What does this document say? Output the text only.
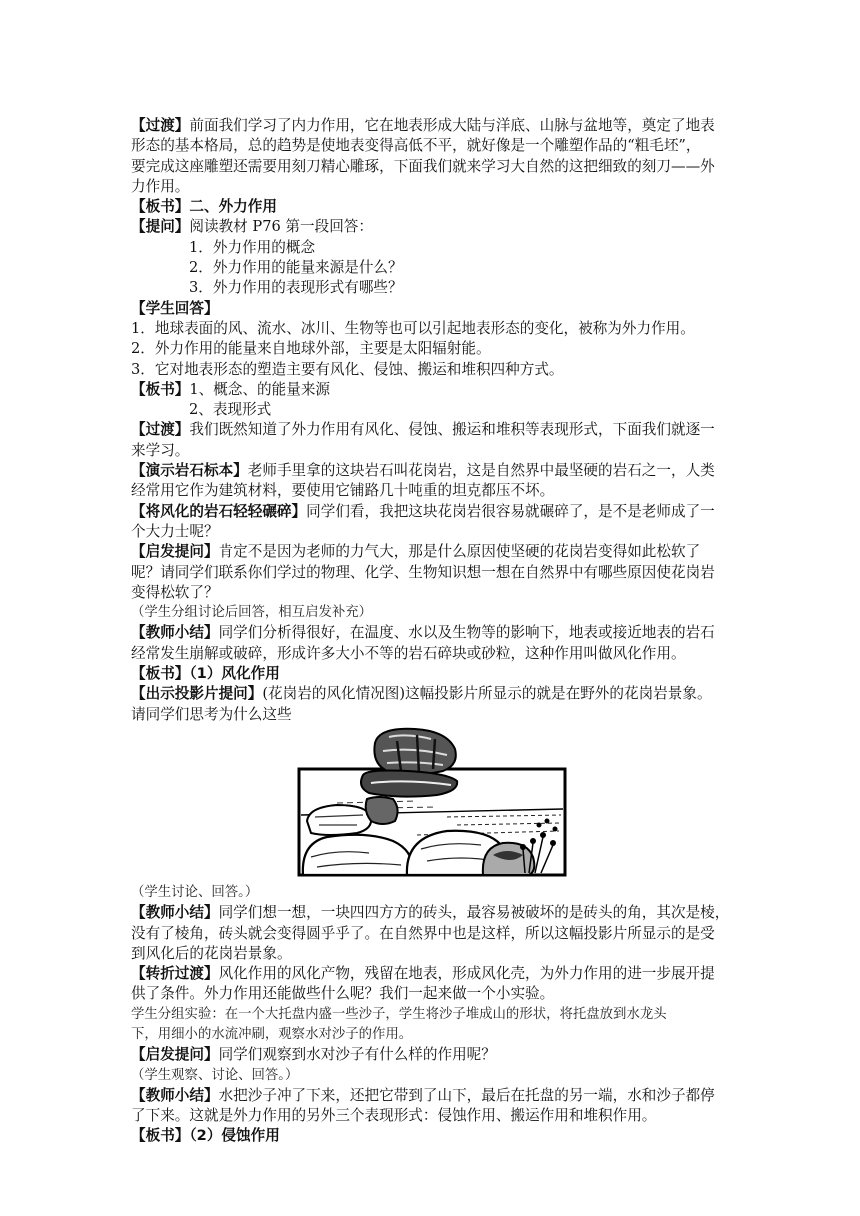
【过渡】前面我们学习了内力作用，它在地表形成大陆与洋底、山脉与盆地等，奠定了地表
形态的基本格局，总的趋势是使地表变得高低不平，就好像是一个雕塑作品的“粗毛坯”，
要完成这座雕塑还需要用刻刀精心雕琢，下面我们就来学习大自然的这把细致的刻刀——外
力作用。
【板书】二、外力作用
【提问】阅读教材 P76 第一段回答：
1．外力作用的概念
2．外力作用的能量来源是什么？
3．外力作用的表现形式有哪些？
【学生回答】
1．地球表面的风、流水、冰川、生物等也可以引起地表形态的变化，被称为外力作用。
2．外力作用的能量来自地球外部，主要是太阳辐射能。
3．它对地表形态的塑造主要有风化、侵蚀、搬运和堆积四种方式。
【板书】1、概念、的能量来源
2、表现形式
【过渡】我们既然知道了外力作用有风化、侵蚀、搬运和堆积等表现形式，下面我们就逐一
来学习。
【演示岩石标本】老师手里拿的这块岩石叫花岗岩，这是自然界中最坚硬的岩石之一，人类
经常用它作为建筑材料，要使用它铺路几十吨重的坦克都压不坏。
【将风化的岩石轻轻碾碎】同学们看，我把这块花岗岩很容易就碾碎了，是不是老师成了一
个大力士呢？
【启发提问】肯定不是因为老师的力气大，那是什么原因使坚硬的花岗岩变得如此松软了
呢？请同学们联系你们学过的物理、化学、生物知识想一想在自然界中有哪些原因使花岗岩
变得松软了？
（学生分组讨论后回答，相互启发补充）
【教师小结】同学们分析得很好，在温度、水以及生物等的影响下，地表或接近地表的岩石
经常发生崩解或破碎，形成许多大小不等的岩石碎块或砂粒，这种作用叫做风化作用。
【板书】（1）风化作用
【出示投影片提问】(花岗岩的风化情况图)这幅投影片所显示的就是在野外的花岗岩景象。
请同学们思考为什么这些
（学生讨论、回答。）
【教师小结】同学们想一想，一块四四方方的砖头，最容易被破坏的是砖头的角，其次是棱，
没有了棱角，砖头就会变得圆乎乎了。在自然界中也是这样，所以这幅投影片所显示的是受
到风化后的花岗岩景象。
【转折过渡】风化作用的风化产物，残留在地表，形成风化壳，为外力作用的进一步展开提
供了条件。外力作用还能做些什么呢？我们一起来做一个小实验。
学生分组实验：在一个大托盘内盛一些沙子，学生将沙子堆成山的形状，将托盘放到水龙头
下，用细小的水流冲刷，观察水对沙子的作用。
【启发提问】同学们观察到水对沙子有什么样的作用呢？
（学生观察、讨论、回答。）
【教师小结】水把沙子冲了下来，还把它带到了山下，最后在托盘的另一端，水和沙子都停
了下来。这就是外力作用的另外三个表现形式：侵蚀作用、搬运作用和堆积作用。
【板书】（2）侵蚀作用
